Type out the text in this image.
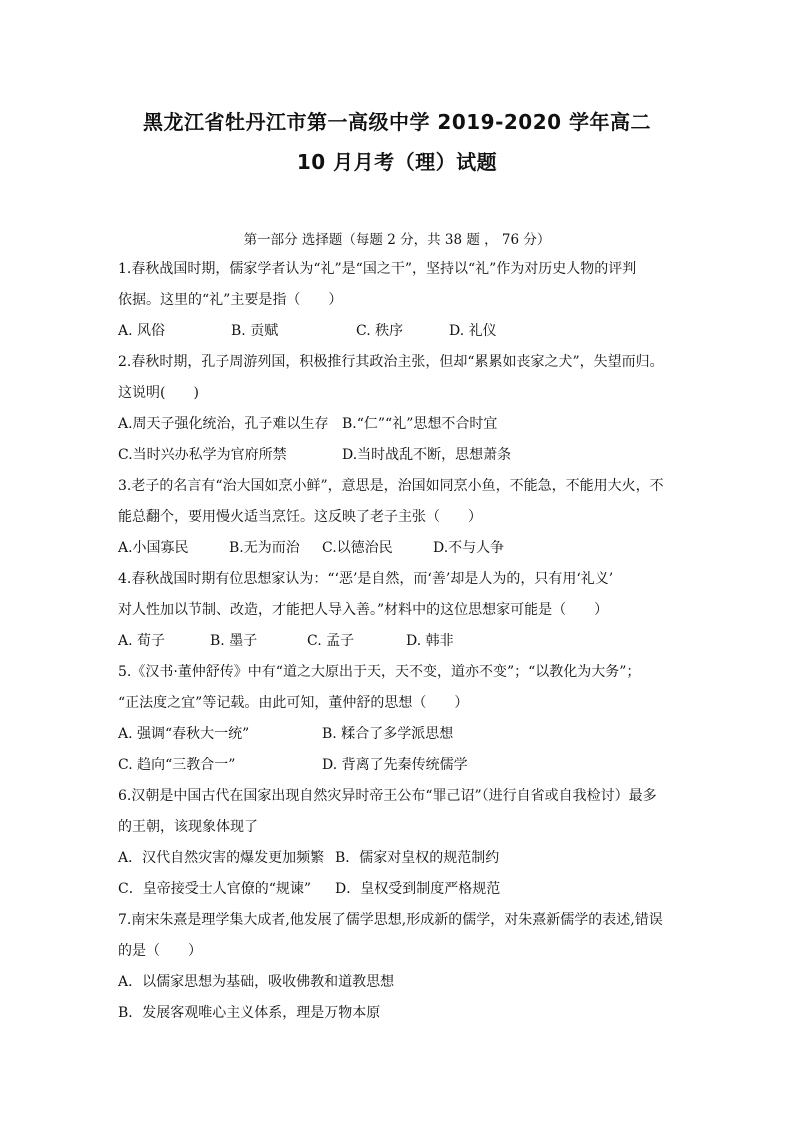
黑龙江省牡丹江市第一高级中学 2019-2020 学年高二
10 月月考（理）试题
第一部分 选择题（每题 2 分，共 38 题 ， 76 分）
1.春秋战国时期，儒家学者认为“礼”是“国之干”，坚持以“礼”作为对历史人物的评判
依据。这里的“礼”主要是指（　　）
A. 风俗	B. 贡赋	C. 秩序	D. 礼仪
2.春秋时期，孔子周游列国，积极推行其政治主张，但却“累累如丧家之犬”，失望而归。
这说明(　　)
A.周天子强化统治，孔子难以生存 B.“仁”“礼”思想不合时宜
C.当时兴办私学为官府所禁	D.当时战乱不断，思想萧条
3.老子的名言有“治大国如烹小鲜”，意思是，治国如同烹小鱼，不能急，不能用大火，不
能总翻个，要用慢火适当烹饪。这反映了老子主张（　　）
A.小国寡民	B.无为而治 C.以德治民	D.不与人争
4.春秋战国时期有位思想家认为：“‘恶’是自然，而‘善’却是人为的，只有用‘礼义’
对人性加以节制、改造，才能把人导入善。”材料中的这位思想家可能是（　　）
A. 荀子	B. 墨子	C. 孟子	D. 韩非
5.《汉书·董仲舒传》中有“道之大原出于天，天不变，道亦不变”；“以教化为大务”；
“正法度之宜”等记载。由此可知，董仲舒的思想（　　）
A. 强调“春秋大一统”	B. 糅合了多学派思想
C. 趋向“三教合一”	D. 背离了先秦传统儒学
6.汉朝是中国古代在国家出现自然灾异时帝王公布“罪己诏”（进行自省或自我检讨）最多
的王朝，该现象体现了
A．汉代自然灾害的爆发更加频繁 B．儒家对皇权的规范制约
C．皇帝接受士人官僚的“规谏” D．皇权受到制度严格规范
7.南宋朱熹是理学集大成者,他发展了儒学思想,形成新的儒学，对朱熹新儒学的表述,错误
的是（　　）
A．以儒家思想为基础，吸收佛教和道教思想
B．发展客观唯心主义体系，理是万物本原
